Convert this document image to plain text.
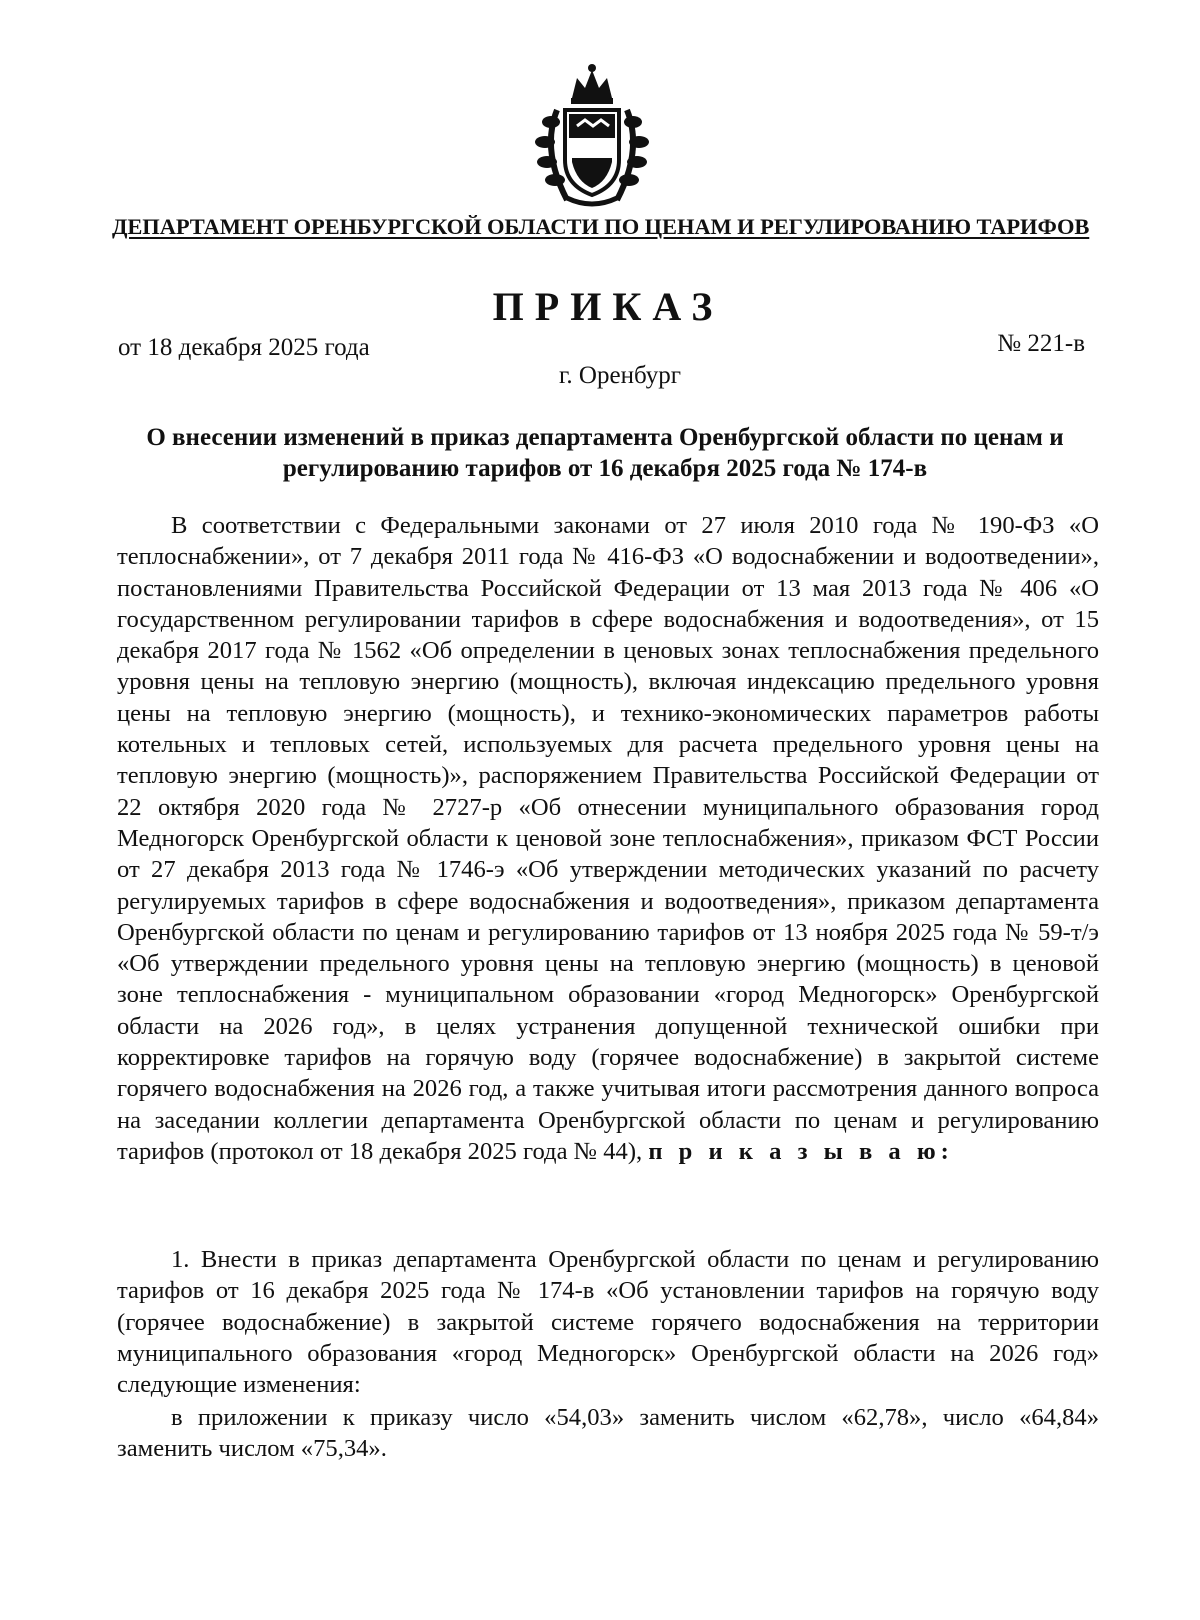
ДЕПАРТАМЕНТ ОРЕНБУРГСКОЙ ОБЛАСТИ ПО ЦЕНАМ И РЕГУЛИРОВАНИЮ ТАРИФОВ
ПРИКАЗ
от 18 декабря 2025 года	№ 221-в
г. Оренбург
О внесении изменений в приказ департамента Оренбургской области по ценам и регулированию тарифов от 16 декабря 2025 года № 174-в

В соответствии с Федеральными законами от 27 июля 2010 года № 190-ФЗ «О теплоснабжении», от 7 декабря 2011 года № 416-ФЗ «О водоснабжении и водоотведении», постановлениями Правительства Российской Федерации от 13 мая 2013 года № 406 «О государственном регулировании тарифов в сфере водоснабжения и водоотведения», от 15 декабря 2017 года № 1562 «Об определении в ценовых зонах теплоснабжения предельного уровня цены на тепловую энергию (мощность), включая индексацию предельного уровня цены на тепловую энергию (мощность), и технико-экономических параметров работы котельных и тепловых сетей, используемых для расчета предельного уровня цены на тепловую энергию (мощность)», распоряжением Правительства Российской Федерации от 22 октября 2020 года № 2727-р «Об отнесении муниципального образования город Медногорск Оренбургской области к ценовой зоне теплоснабжения», приказом ФСТ России от 27 декабря 2013 года № 1746-э «Об утверждении методических указаний по расчету регулируемых тарифов в сфере водоснабжения и водоотведения», приказом департамента Оренбургской области по ценам и регулированию тарифов от 13 ноября 2025 года № 59-т/э «Об утверждении предельного уровня цены на тепловую энергию (мощность) в ценовой зоне теплоснабжения - муниципальном образовании «город Медногорск» Оренбургской области на 2026 год», в целях устранения допущенной технической ошибки при корректировке тарифов на горячую воду (горячее водоснабжение) в закрытой системе горячего водоснабжения на 2026 год, а также учитывая итоги рассмотрения данного вопроса на заседании коллегии департамента Оренбургской области по ценам и регулированию тарифов (протокол от 18 декабря 2025 года № 44), п р и к а з ы в а ю:

1. Внести в приказ департамента Оренбургской области по ценам и регулированию тарифов от 16 декабря 2025 года № 174-в «Об установлении тарифов на горячую воду (горячее водоснабжение) в закрытой системе горячего водоснабжения на территории муниципального образования «город Медногорск» Оренбургской области на 2026 год» следующие изменения:

в приложении к приказу число «54,03» заменить числом «62,78», число «64,84» заменить числом «75,34».
